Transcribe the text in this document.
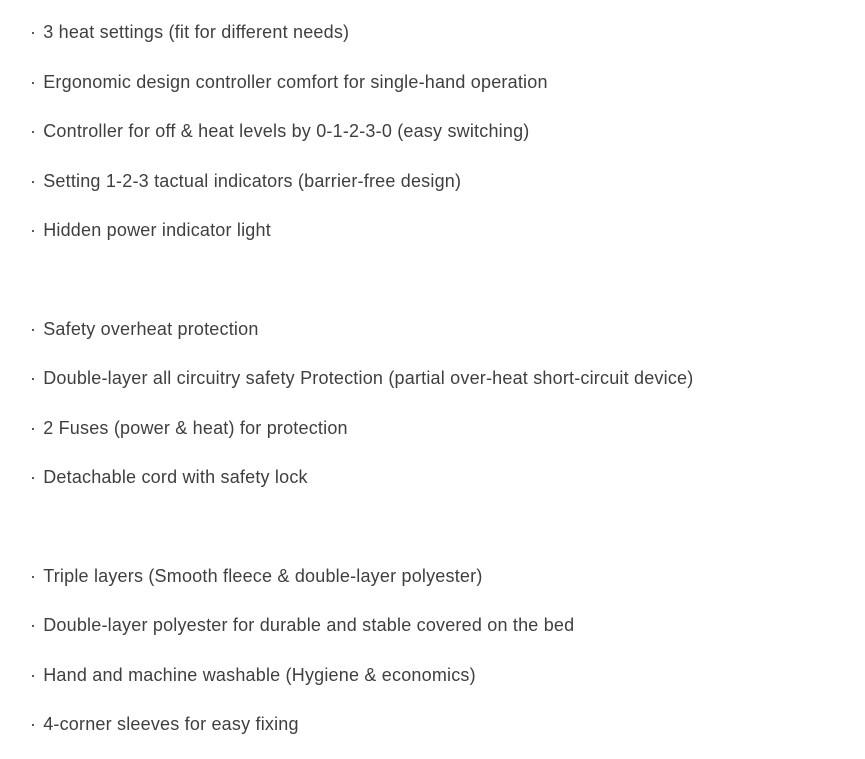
· 3 heat settings (fit for different needs)
· Ergonomic design controller comfort for single-hand operation
· Controller for off & heat levels by 0-1-2-3-0 (easy switching)
· Setting 1-2-3 tactual indicators (barrier-free design)
· Hidden power indicator light
· Safety overheat protection
· Double-layer all circuitry safety Protection (partial over-heat short-circuit device)
· 2 Fuses (power & heat) for protection
· Detachable cord with safety lock
· Triple layers (Smooth fleece & double-layer polyester)
· Double-layer polyester for durable and stable covered on the bed
· Hand and machine washable (Hygiene & economics)
· 4-corner sleeves for easy fixing
